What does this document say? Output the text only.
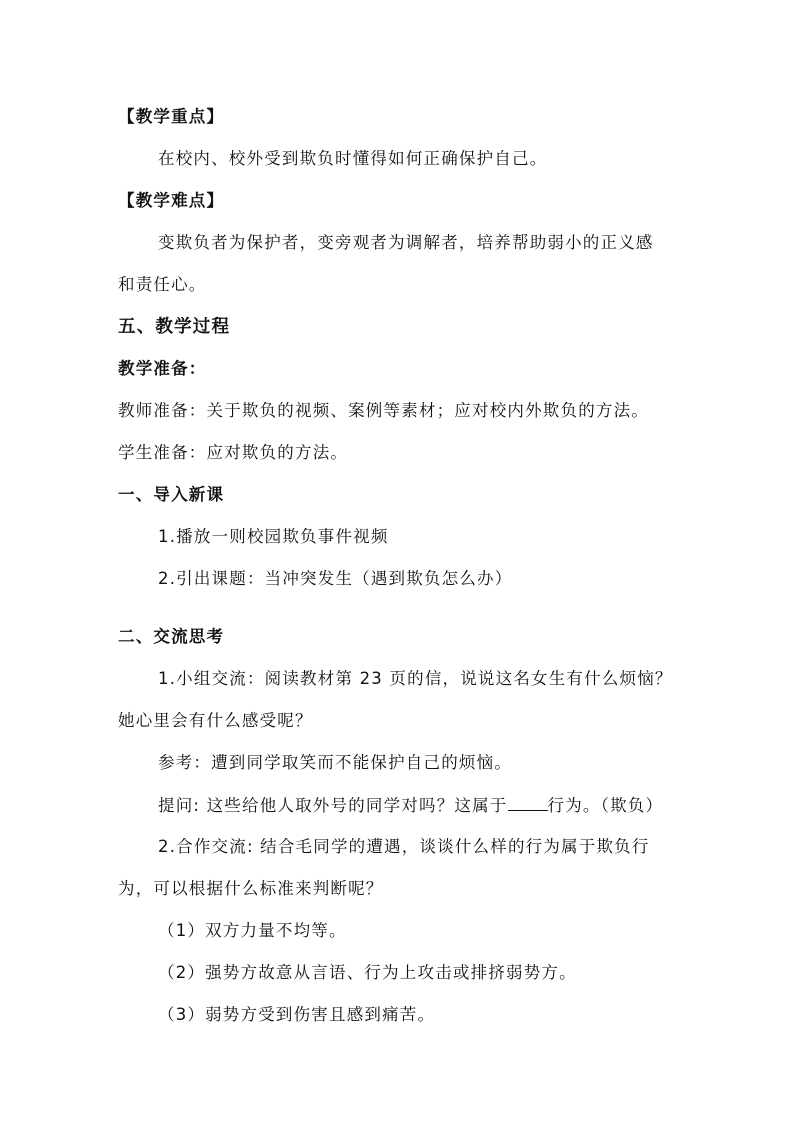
【教学重点】
在校内、校外受到欺负时懂得如何正确保护自己。
【教学难点】
变欺负者为保护者，变旁观者为调解者，培养帮助弱小的正义感
和责任心。
五、教学过程
教学准备：
教师准备：关于欺负的视频、案例等素材；应对校内外欺负的方法。
学生准备：应对欺负的方法。
一、导入新课
1.播放一则校园欺负事件视频
2.引出课题：当冲突发生（遇到欺负怎么办）
二、交流思考
1.小组交流：阅读教材第 23 页的信，说说这名女生有什么烦恼？
她心里会有什么感受呢？
参考：遭到同学取笑而不能保护自己的烦恼。
提问: 这些给他人取外号的同学对吗？这属于 行为。（欺负）
2.合作交流: 结合毛同学的遭遇，谈谈什么样的行为属于欺负行
为，可以根据什么标准来判断呢？
（1）双方力量不均等。
（2）强势方故意从言语、行为上攻击或排挤弱势方。
（3）弱势方受到伤害且感到痛苦。
